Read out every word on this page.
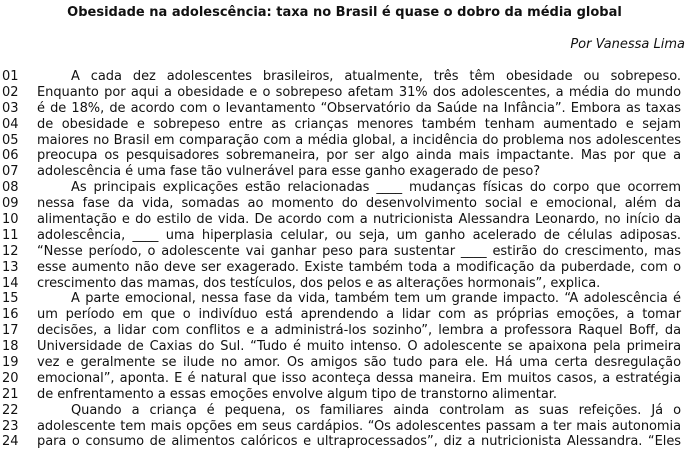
Obesidade na adolescência: taxa no Brasil é quase o dobro da média global
Por Vanessa Lima
01	A cada dez adolescentes brasileiros, atualmente, três têm obesidade ou sobrepeso.
02	Enquanto por aqui a obesidade e o sobrepeso afetam 31% dos adolescentes, a média do mundo
03	é de 18%, de acordo com o levantamento “Observatório da Saúde na Infância”. Embora as taxas
04	de obesidade e sobrepeso entre as crianças menores também tenham aumentado e sejam
05	maiores no Brasil em comparação com a média global, a incidência do problema nos adolescentes
06	preocupa os pesquisadores sobremaneira, por ser algo ainda mais impactante. Mas por que a
07	adolescência é uma fase tão vulnerável para esse ganho exagerado de peso?
08	As principais explicações estão relacionadas ____ mudanças físicas do corpo que ocorrem
09	nessa fase da vida, somadas ao momento do desenvolvimento social e emocional, além da
10	alimentação e do estilo de vida. De acordo com a nutricionista Alessandra Leonardo, no início da
11	adolescência, ____ uma hiperplasia celular, ou seja, um ganho acelerado de células adiposas.
12	“Nesse período, o adolescente vai ganhar peso para sustentar ____ estirão do crescimento, mas
13	esse aumento não deve ser exagerado. Existe também toda a modificação da puberdade, com o
14	crescimento das mamas, dos testículos, dos pelos e as alterações hormonais”, explica.
15	A parte emocional, nessa fase da vida, também tem um grande impacto. “A adolescência é
16	um período em que o indivíduo está aprendendo a lidar com as próprias emoções, a tomar
17	decisões, a lidar com conflitos e a administrá-los sozinho”, lembra a professora Raquel Boff, da
18	Universidade de Caxias do Sul. “Tudo é muito intenso. O adolescente se apaixona pela primeira
19	vez e geralmente se ilude no amor. Os amigos são tudo para ele. Há uma certa desregulação
20	emocional”, aponta. E é natural que isso aconteça dessa maneira. Em muitos casos, a estratégia
21	de enfrentamento a essas emoções envolve algum tipo de transtorno alimentar.
22	Quando a criança é pequena, os familiares ainda controlam as suas refeições. Já o
23	adolescente tem mais opções em seus cardápios. “Os adolescentes passam a ter mais autonomia
24	para o consumo de alimentos calóricos e ultraprocessados”, diz a nutricionista Alessandra. “Eles
